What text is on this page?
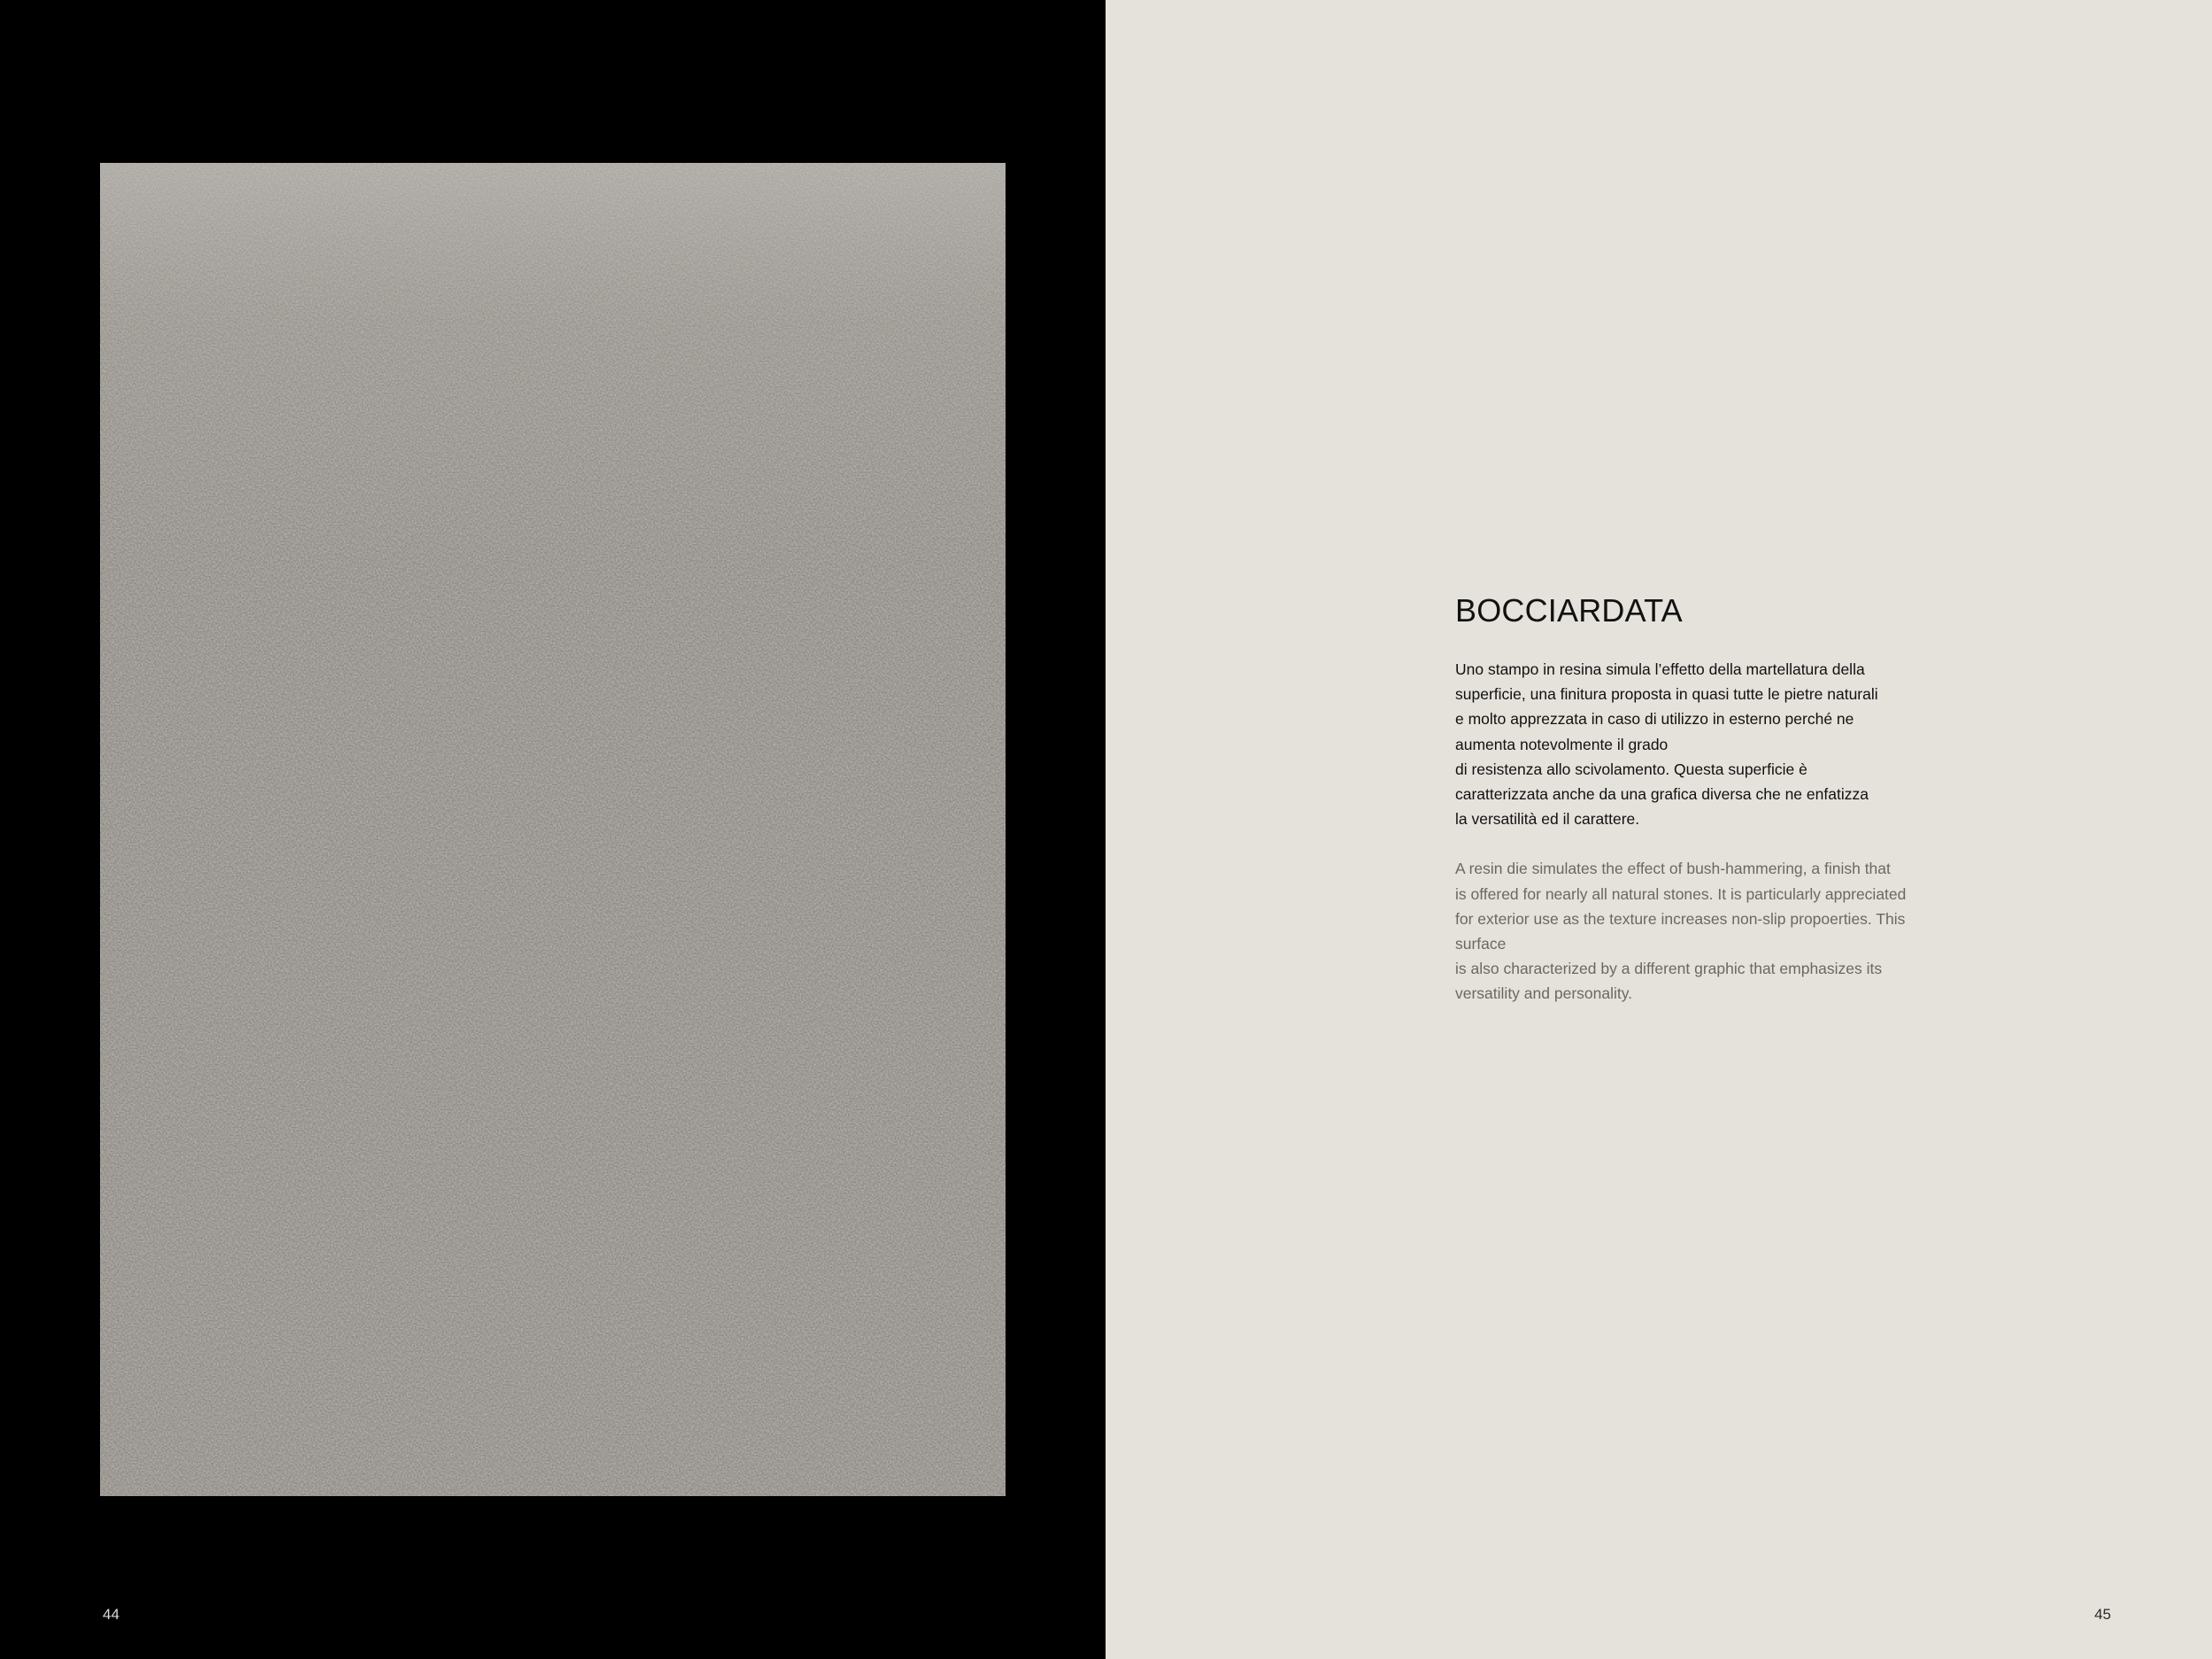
44
BOCCIARDATA

Uno stampo in resina simula l’effetto della martellatura della
superficie, una finitura proposta in quasi tutte le pietre naturali
e molto apprezzata in caso di utilizzo in esterno perché ne
aumenta notevolmente il grado
di resistenza allo scivolamento. Questa superficie è
caratterizzata anche da una grafica diversa che ne enfatizza
la versatilità ed il carattere.

A resin die simulates the effect of bush-hammering, a finish that
is offered for nearly all natural stones. It is particularly appreciated
for exterior use as the texture increases non-slip propoerties. This
surface
is also characterized by a different graphic that emphasizes its
versatility and personality.

45
